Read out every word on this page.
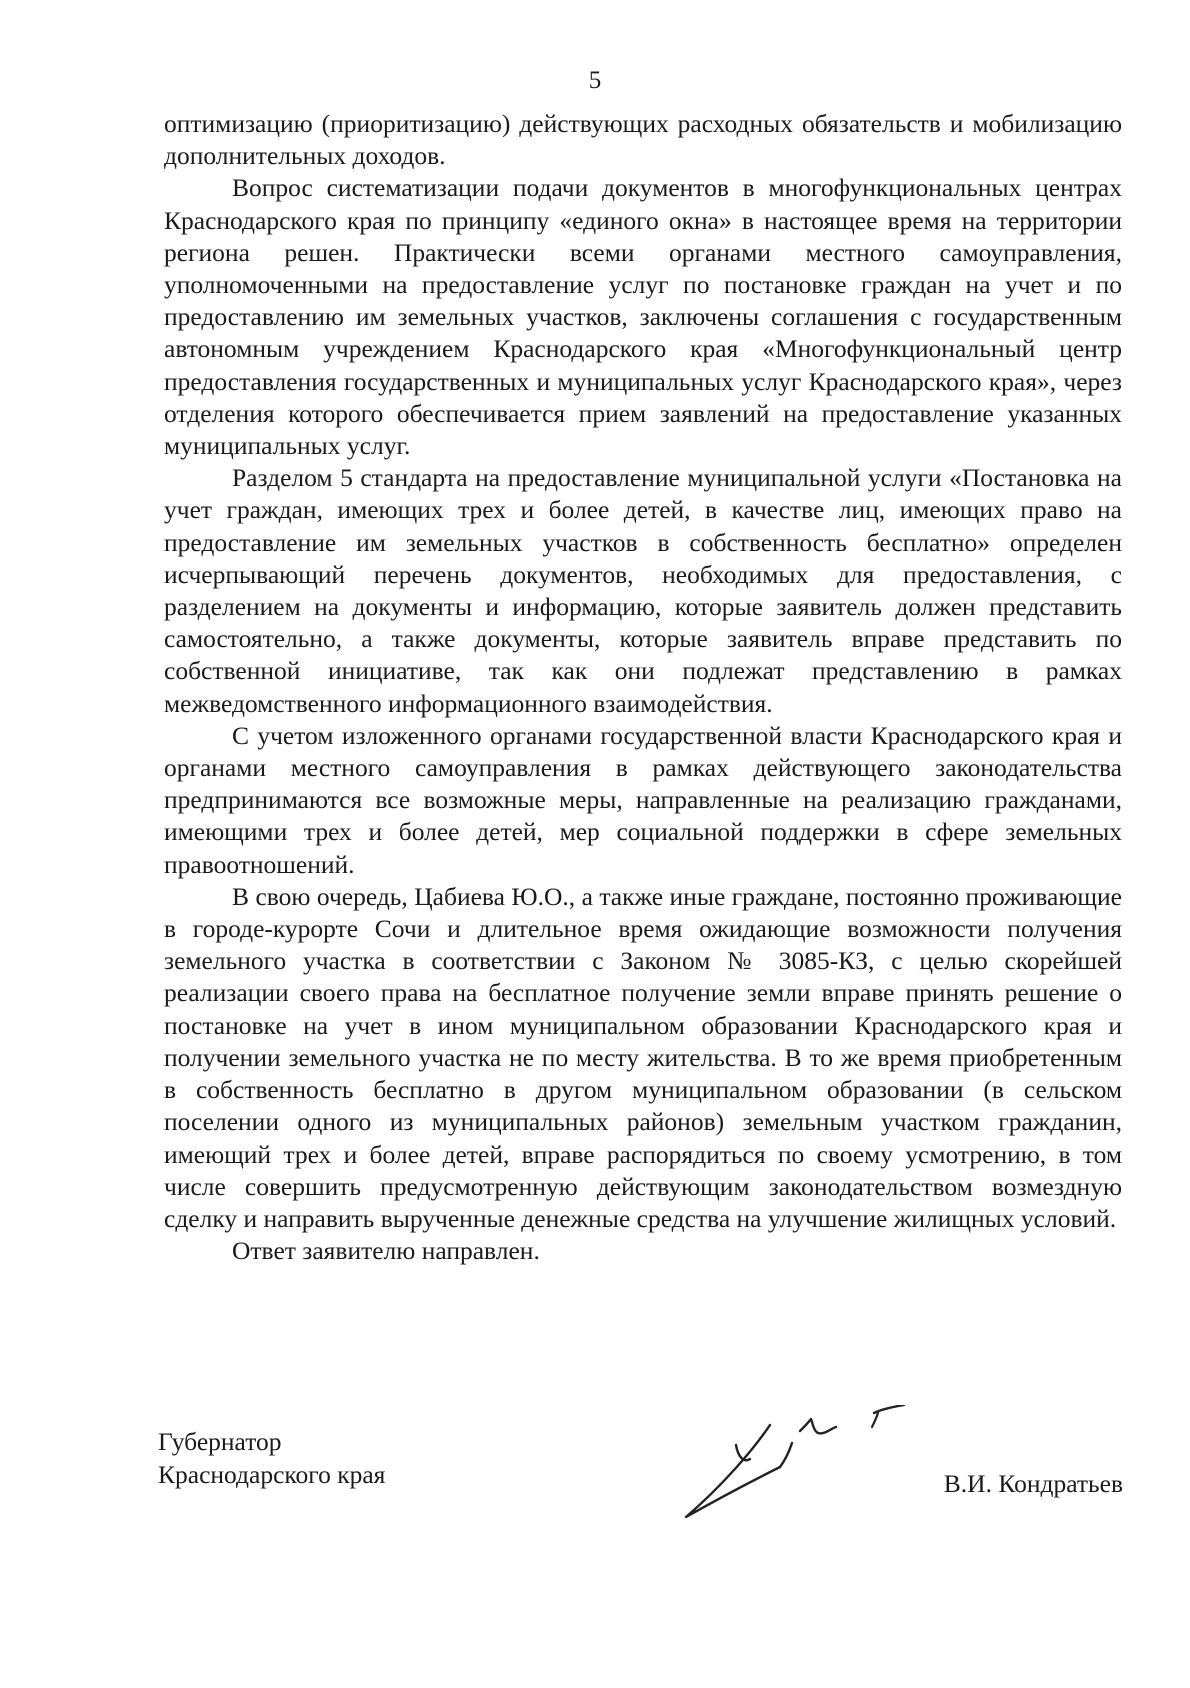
5

оптимизацию (приоритизацию) действующих расходных обязательств и мобилизацию дополнительных доходов.

Вопрос систематизации подачи документов в многофункциональных центрах Краснодарского края по принципу «единого окна» в настоящее время на территории региона решен. Практически всеми органами местного самоуправления, уполномоченными на предоставление услуг по постановке граждан на учет и по предоставлению им земельных участков, заключены соглашения с государственным автономным учреждением Краснодарского края «Многофункциональный центр предоставления государственных и муниципальных услуг Краснодарского края», через отделения которого обеспечивается прием заявлений на предоставление указанных муниципальных услуг.

Разделом 5 стандарта на предоставление муниципальной услуги «Постановка на учет граждан, имеющих трех и более детей, в качестве лиц, имеющих право на предоставление им земельных участков в собственность бесплатно» определен исчерпывающий перечень документов, необходимых для предоставления, с разделением на документы и информацию, которые заявитель должен представить самостоятельно, а также документы, которые заявитель вправе представить по собственной инициативе, так как они подлежат представлению в рамках межведомственного информационного взаимодействия.

С учетом изложенного органами государственной власти Краснодарского края и органами местного самоуправления в рамках действующего законодательства предпринимаются все возможные меры, направленные на реализацию гражданами, имеющими трех и более детей, мер социальной поддержки в сфере земельных правоотношений.

В свою очередь, Цабиева Ю.О., а также иные граждане, постоянно проживающие в городе-курорте Сочи и длительное время ожидающие возможности получения земельного участка в соответствии с Законом № 3085-КЗ, с целью скорейшей реализации своего права на бесплатное получение земли вправе принять решение о постановке на учет в ином муниципальном образовании Краснодарского края и получении земельного участка не по месту жительства. В то же время приобретенным в собственность бесплатно в другом муниципальном образовании (в сельском поселении одного из муниципальных районов) земельным участком гражданин, имеющий трех и более детей, вправе распорядиться по своему усмотрению, в том числе совершить предусмотренную действующим законодательством возмездную сделку и направить вырученные денежные средства на улучшение жилищных условий.

Ответ заявителю направлен.

Губернатор
Краснодарского края	В.И. Кондратьев
